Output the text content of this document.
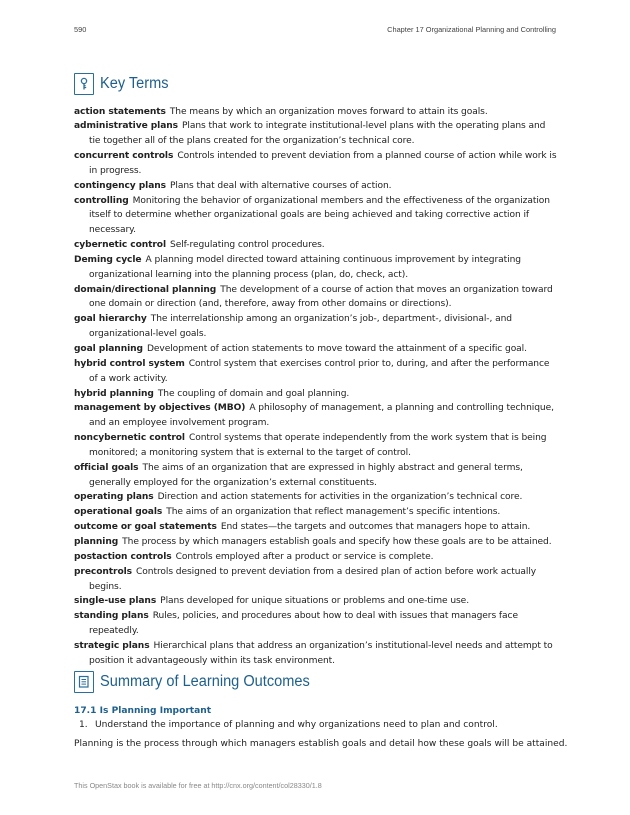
590	Chapter 17 Organizational Planning and Controlling
Key Terms

action statements The means by which an organization moves forward to attain its goals.

administrative plans Plans that work to integrate institutional-level plans with the operating plans and tie together all of the plans created for the organization’s technical core.

concurrent controls Controls intended to prevent deviation from a planned course of action while work is in progress.

contingency plans Plans that deal with alternative courses of action.

controlling Monitoring the behavior of organizational members and the effectiveness of the organization itself to determine whether organizational goals are being achieved and taking corrective action if necessary.

cybernetic control Self-regulating control procedures.

Deming cycle A planning model directed toward attaining continuous improvement by integrating organizational learning into the planning process (plan, do, check, act).

domain/directional planning The development of a course of action that moves an organization toward one domain or direction (and, therefore, away from other domains or directions).

goal hierarchy The interrelationship among an organization’s job-, department-, divisional-, and organizational-level goals.

goal planning Development of action statements to move toward the attainment of a specific goal.

hybrid control system Control system that exercises control prior to, during, and after the performance of a work activity.

hybrid planning The coupling of domain and goal planning.

management by objectives (MBO) A philosophy of management, a planning and controlling technique, and an employee involvement program.

noncybernetic control Control systems that operate independently from the work system that is being monitored; a monitoring system that is external to the target of control.

official goals The aims of an organization that are expressed in highly abstract and general terms, generally employed for the organization’s external constituents.

operating plans Direction and action statements for activities in the organization’s technical core.

operational goals The aims of an organization that reflect management’s specific intentions.

outcome or goal statements End states—the targets and outcomes that managers hope to attain.

planning The process by which managers establish goals and specify how these goals are to be attained.

postaction controls Controls employed after a product or service is complete.

precontrols Controls designed to prevent deviation from a desired plan of action before work actually begins.

single-use plans Plans developed for unique situations or problems and one-time use.

standing plans Rules, policies, and procedures about how to deal with issues that managers face repeatedly.

strategic plans Hierarchical plans that address an organization’s institutional-level needs and attempt to position it advantageously within its task environment.

Summary of Learning Outcomes
17.1 Is Planning Important
1. Understand the importance of planning and why organizations need to plan and control.
Planning is the process through which managers establish goals and detail how these goals will be attained.
This OpenStax book is available for free at http://cnx.org/content/col28330/1.8
